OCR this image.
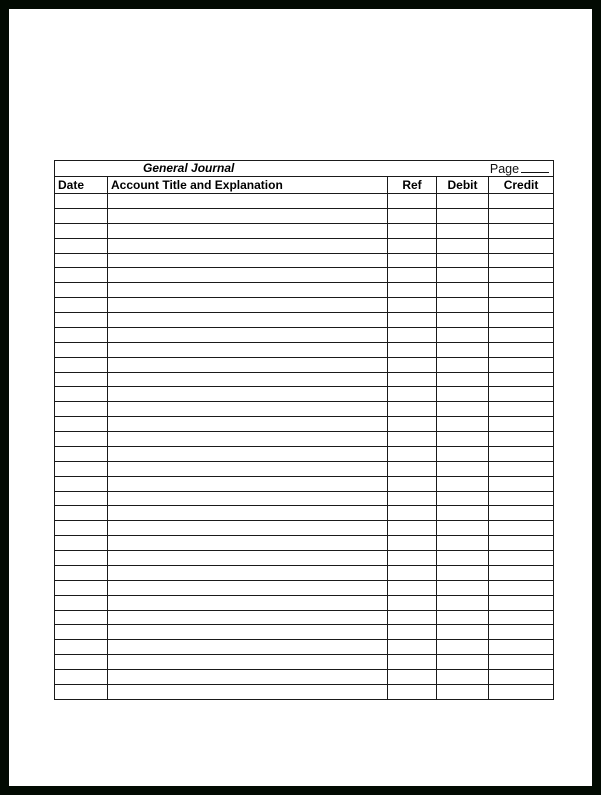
General Journal Page				

Date	Account Title and Explanation	Ref	Debit	Credit
